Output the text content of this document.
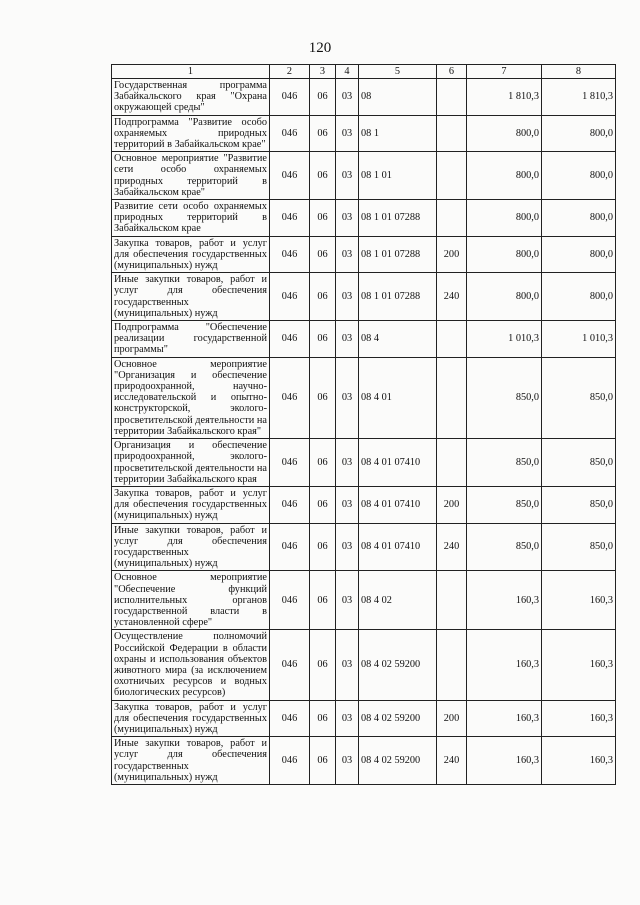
120
1	2	3	4	5	6	7	8
Государственная программа Забайкальского края "Охрана окружающей среды"	046	06	03	08		1 810,3	1 810,3
Подпрограмма "Развитие особо охраняемых природных территорий в Забайкальском крае"	046	06	03	08 1		800,0	800,0
Основное мероприятие "Развитие сети особо охраняемых природных территорий в Забайкальском крае"	046	06	03	08 1 01		800,0	800,0
Развитие сети особо охраняемых природных территорий в Забайкальском крае	046	06	03	08 1 01 07288		800,0	800,0
Закупка товаров, работ и услуг для обеспечения государственных (муниципальных) нужд	046	06	03	08 1 01 07288	200	800,0	800,0
Иные закупки товаров, работ и услуг для обеспечения государственных (муниципальных) нужд	046	06	03	08 1 01 07288	240	800,0	800,0
Подпрограмма "Обеспечение реализации государственной программы"	046	06	03	08 4		1 010,3	1 010,3
Основное мероприятие "Организация и обеспечение природоохранной, научно-исследовательской и опытно-конструкторской, эколого-просветительской деятельности на территории Забайкальского края"	046	06	03	08 4 01		850,0	850,0
Организация и обеспечение природоохранной, эколого-просветительской деятельности на территории Забайкальского края	046	06	03	08 4 01 07410		850,0	850,0
Закупка товаров, работ и услуг для обеспечения государственных (муниципальных) нужд	046	06	03	08 4 01 07410	200	850,0	850,0
Иные закупки товаров, работ и услуг для обеспечения государственных (муниципальных) нужд	046	06	03	08 4 01 07410	240	850,0	850,0
Основное мероприятие "Обеспечение функций исполнительных органов государственной власти в установленной сфере"	046	06	03	08 4 02		160,3	160,3
Осуществление полномочий Российской Федерации в области охраны и использования объектов животного мира (за исключением охотничьих ресурсов и водных биологических ресурсов)	046	06	03	08 4 02 59200		160,3	160,3
Закупка товаров, работ и услуг для обеспечения государственных (муниципальных) нужд	046	06	03	08 4 02 59200	200	160,3	160,3
Иные закупки товаров, работ и услуг для обеспечения государственных (муниципальных) нужд	046	06	03	08 4 02 59200	240	160,3	160,3
